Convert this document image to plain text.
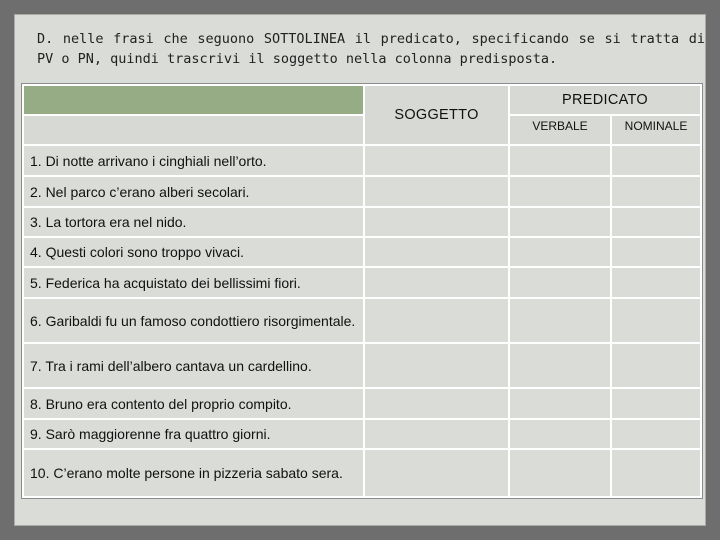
D. nelle frasi che seguono SOTTOLINEA il predicato, specificando se si tratta di PV o PN, quindi trascrivi il soggetto nella colonna predisposta.
	SOGGETTO	PREDICATO	
		VERBALE	NOMINALE
1. Di notte arrivano i cinghiali nell’orto.			
2. Nel parco c’erano alberi secolari.			
3. La tortora era nel nido.			
4. Questi colori sono troppo vivaci.			
5. Federica ha acquistato dei bellissimi fiori.			
6. Garibaldi fu un famoso condottiero risorgimentale.			
7. Tra i rami dell’albero cantava un cardellino.			
8. Bruno era contento del proprio compito.			
9. Sarò maggiorenne fra quattro giorni.			
10. C’erano molte persone in pizzeria sabato sera.			
